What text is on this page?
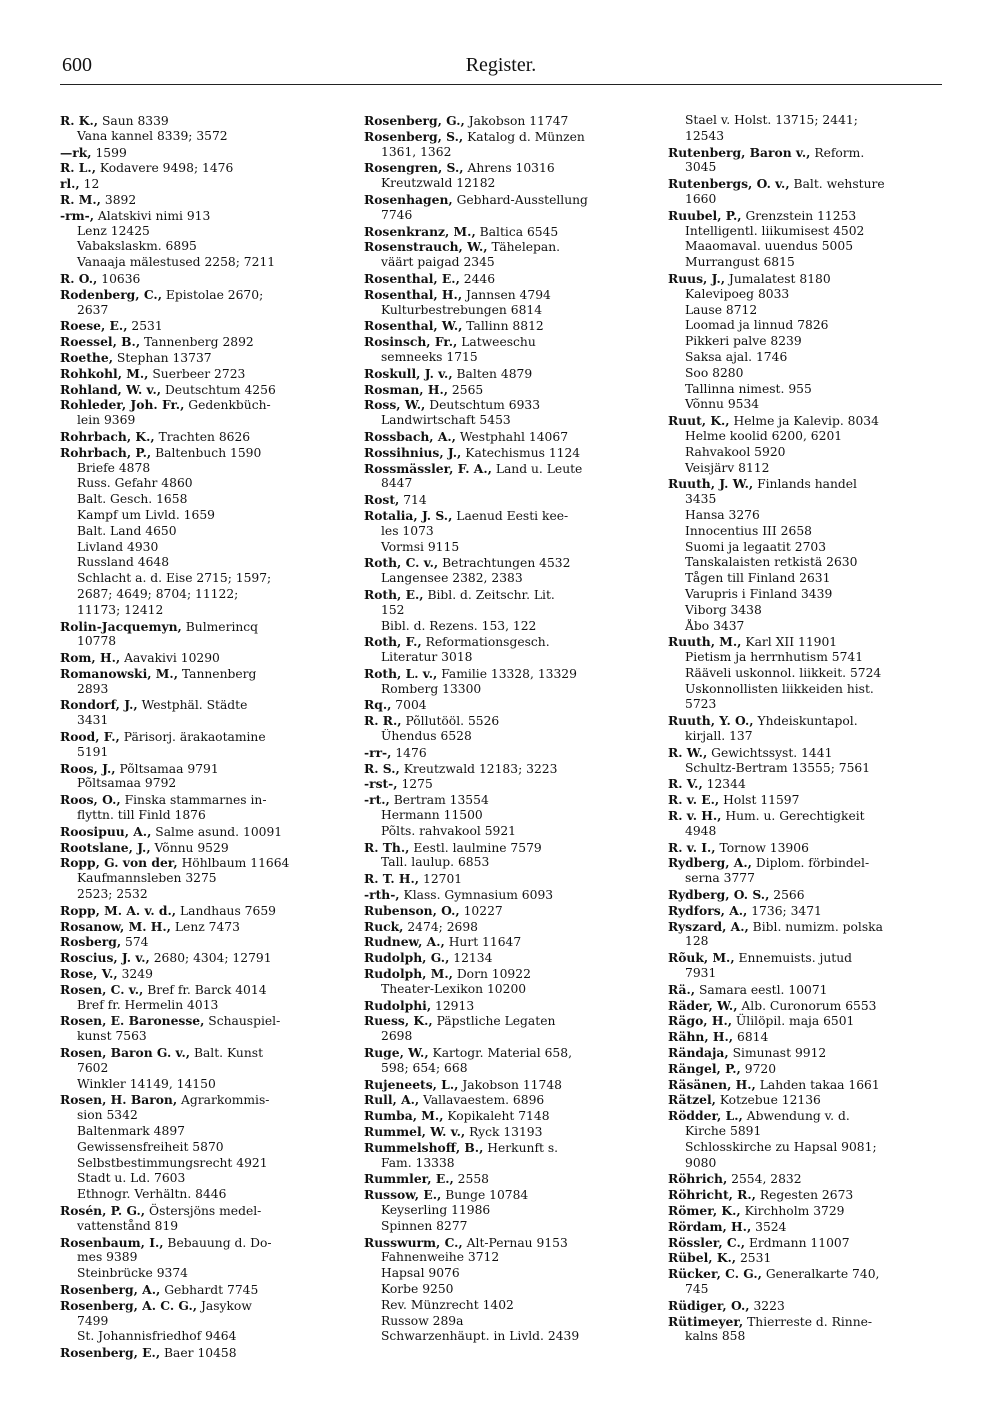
600	Register.
R. K., Saun 8339
Vana kannel 8339; 3572
—rk, 1599
R. L., Kodavere 9498; 1476
rl., 12
R. M., 3892
-rm-, Alatskivi nimi 913
Lenz 12425
Vabakslaskm. 6895
Vanaaja mälestused 2258; 7211
R. O., 10636
Rodenberg, C., Epistolae 2670;
2637
Roese, E., 2531
Roessel, B., Tannenberg 2892
Roethe, Stephan 13737
Rohkohl, M., Suerbeer 2723
Rohland, W. v., Deutschtum 4256
Rohleder, Joh. Fr., Gedenkbüch-
lein 9369
Rohrbach, K., Trachten 8626
Rohrbach, P., Baltenbuch 1590
Briefe 4878
Russ. Gefahr 4860
Balt. Gesch. 1658
Kampf um Livld. 1659
Balt. Land 4650
Livland 4930
Russland 4648
Schlacht a. d. Eise 2715; 1597;
2687; 4649; 8704; 11122;
11173; 12412
Rolin-Jacquemyn, Bulmerincq
10778
Rom, H., Aavakivi 10290
Romanowski, M., Tannenberg
2893
Rondorf, J., Westphäl. Städte
3431
Rood, F., Pärisorj. ärakaotamine
5191
Roos, J., Põltsamaa 9791
Põltsamaa 9792
Roos, O., Finska stammarnes in-
flyttn. till Finld 1876
Roosipuu, A., Salme asund. 10091
Rootslane, J., Võnnu 9529
Ropp, G. von der, Höhlbaum 11664
Kaufmannsleben 3275
2523; 2532
Ropp, M. A. v. d., Landhaus 7659
Rosanow, M. H., Lenz 7473
Rosberg, 574
Roscius, J. v., 2680; 4304; 12791
Rose, V., 3249
Rosen, C. v., Bref fr. Barck 4014
Bref fr. Hermelin 4013
Rosen, E. Baronesse, Schauspiel-
kunst 7563
Rosen, Baron G. v., Balt. Kunst
7602
Winkler 14149, 14150
Rosen, H. Baron, Agrarkommis-
sion 5342
Baltenmark 4897
Gewissensfreiheit 5870
Selbstbestimmungsrecht 4921
Stadt u. Ld. 7603
Ethnogr. Verhältn. 8446
Rosén, P. G., Östersjöns medel-
vattenstånd 819
Rosenbaum, I., Bebauung d. Do-
mes 9389
Steinbrücke 9374
Rosenberg, A., Gebhardt 7745
Rosenberg, A. C. G., Jasykow
7499
St. Johannisfriedhof 9464
Rosenberg, E., Baer 10458
Rosenberg, G., Jakobson 11747
Rosenberg, S., Katalog d. Münzen
1361, 1362
Rosengren, S., Ahrens 10316
Kreutzwald 12182
Rosenhagen, Gebhard-Ausstellung
7746
Rosenkranz, M., Baltica 6545
Rosenstrauch, W., Tähelepan.
väärt paigad 2345
Rosenthal, E., 2446
Rosenthal, H., Jannsen 4794
Kulturbestrebungen 6814
Rosenthal, W., Tallinn 8812
Rosinsch, Fr., Latweeschu
semneeks 1715
Roskull, J. v., Balten 4879
Rosman, H., 2565
Ross, W., Deutschtum 6933
Landwirtschaft 5453
Rossbach, A., Westphahl 14067
Rossihnius, J., Katechismus 1124
Rossmässler, F. A., Land u. Leute
8447
Rost, 714
Rotalia, J. S., Laenud Eesti kee-
les 1073
Vormsi 9115
Roth, C. v., Betrachtungen 4532
Langensee 2382, 2383
Roth, E., Bibl. d. Zeitschr. Lit.
152
Bibl. d. Rezens. 153, 122
Roth, F., Reformationsgesch.
Literatur 3018
Roth, L. v., Familie 13328, 13329
Romberg 13300
Rq., 7004
R. R., Põllutööl. 5526
Ühendus 6528
-rr-, 1476
R. S., Kreutzwald 12183; 3223
-rst-, 1275
-rt., Bertram 13554
Hermann 11500
Põlts. rahvakool 5921
R. Th., Eestl. laulmine 7579
Tall. laulup. 6853
R. T. H., 12701
-rth-, Klass. Gymnasium 6093
Rubenson, O., 10227
Ruck, 2474; 2698
Rudnew, A., Hurt 11647
Rudolph, G., 12134
Rudolph, M., Dorn 10922
Theater-Lexikon 10200
Rudolphi, 12913
Ruess, K., Päpstliche Legaten
2698
Ruge, W., Kartogr. Material 658,
598; 654; 668
Rujeneets, L., Jakobson 11748
Rull, A., Vallavaestem. 6896
Rumba, M., Kopikaleht 7148
Rummel, W. v., Ryck 13193
Rummelshoff, B., Herkunft s.
Fam. 13338
Rummler, E., 2558
Russow, E., Bunge 10784
Keyserling 11986
Spinnen 8277
Russwurm, C., Alt-Pernau 9153
Fahnenweihe 3712
Hapsal 9076
Korbe 9250
Rev. Münzrecht 1402
Russow 289a
Schwarzenhäupt. in Livld. 2439
Stael v. Holst. 13715; 2441;
12543
Rutenberg, Baron v., Reform.
3045
Rutenbergs, O. v., Balt. wehsture
1660
Ruubel, P., Grenzstein 11253
Intelligentl. liikumisest 4502
Maaomaval. uuendus 5005
Murrangust 6815
Ruus, J., Jumalatest 8180
Kalevipoeg 8033
Lause 8712
Loomad ja linnud 7826
Pikkeri palve 8239
Saksa ajal. 1746
Soo 8280
Tallinna nimest. 955
Võnnu 9534
Ruut, K., Helme ja Kalevip. 8034
Helme koolid 6200, 6201
Rahvakool 5920
Veisjärv 8112
Ruuth, J. W., Finlands handel
3435
Hansa 3276
Innocentius III 2658
Suomi ja legaatit 2703
Tanskalaisten retkistä 2630
Tågen till Finland 2631
Varupris i Finland 3439
Viborg 3438
Åbo 3437
Ruuth, M., Karl XII 11901
Pietism ja herrnhutism 5741
Rääveli uskonnol. liikkeit. 5724
Uskonnollisten liikkeiden hist.
5723
Ruuth, Y. O., Yhdeiskuntapol.
kirjall. 137
R. W., Gewichtssyst. 1441
Schultz-Bertram 13555; 7561
R. V., 12344
R. v. E., Holst 11597
R. v. H., Hum. u. Gerechtigkeit
4948
R. v. I., Tornow 13906
Rydberg, A., Diplom. förbindel-
serna 3777
Rydberg, O. S., 2566
Rydfors, A., 1736; 3471
Ryszard, A., Bibl. numizm. polska
128
Rõuk, M., Ennemuists. jutud
7931
Rä., Samara eestl. 10071
Räder, W., Alb. Curonorum 6553
Rägo, H., Ülilöpil. maja 6501
Rähn, H., 6814
Rändaja, Simunast 9912
Rängel, P., 9720
Räsänen, H., Lahden takaa 1661
Rätzel, Kotzebue 12136
Rödder, L., Abwendung v. d.
Kirche 5891
Schlosskirche zu Hapsal 9081;
9080
Röhrich, 2554, 2832
Röhricht, R., Regesten 2673
Römer, K., Kirchholm 3729
Rördam, H., 3524
Rössler, C., Erdmann 11007
Rübel, K., 2531
Rücker, C. G., Generalkarte 740,
745
Rüdiger, O., 3223
Rütimeyer, Thierreste d. Rinne-
kalns 858
